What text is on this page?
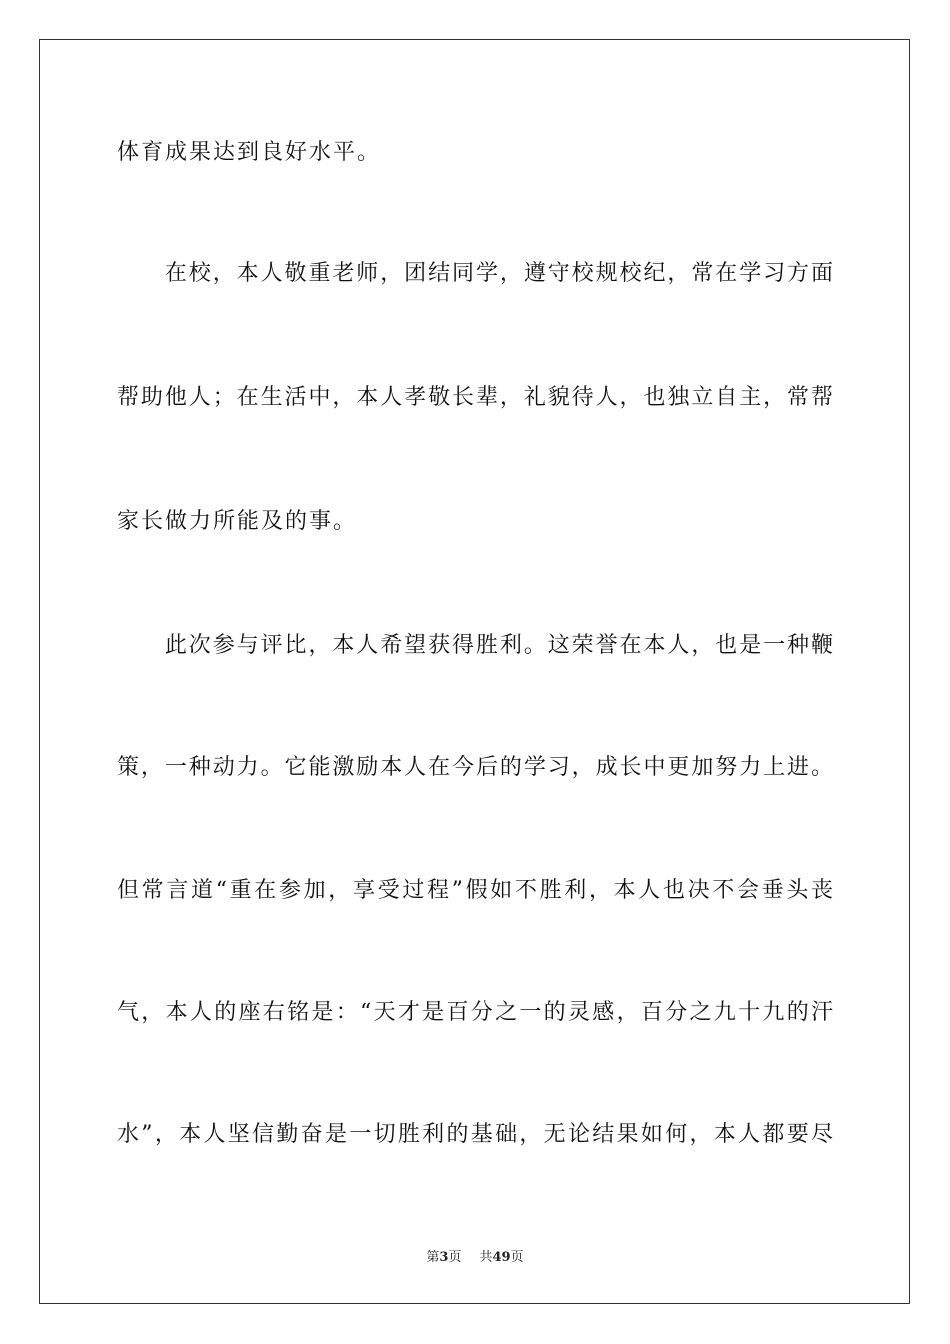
体育成果达到良好水平。
　　在校，本人敬重老师，团结同学，遵守校规校纪，常在学习方面
帮助他人；在生活中，本人孝敬长辈，礼貌待人，也独立自主，常帮
家长做力所能及的事。
　　此次参与评比，本人希望获得胜利。这荣誉在本人，也是一种鞭
策，一种动力。它能激励本人在今后的学习，成长中更加努力上进。
但常言道“重在参加，享受过程”假如不胜利，本人也决不会垂头丧
气，本人的座右铭是：“天才是百分之一的灵感，百分之九十九的汗
水”，本人坚信勤奋是一切胜利的基础，无论结果如何，本人都要尽
第3页 共49页
